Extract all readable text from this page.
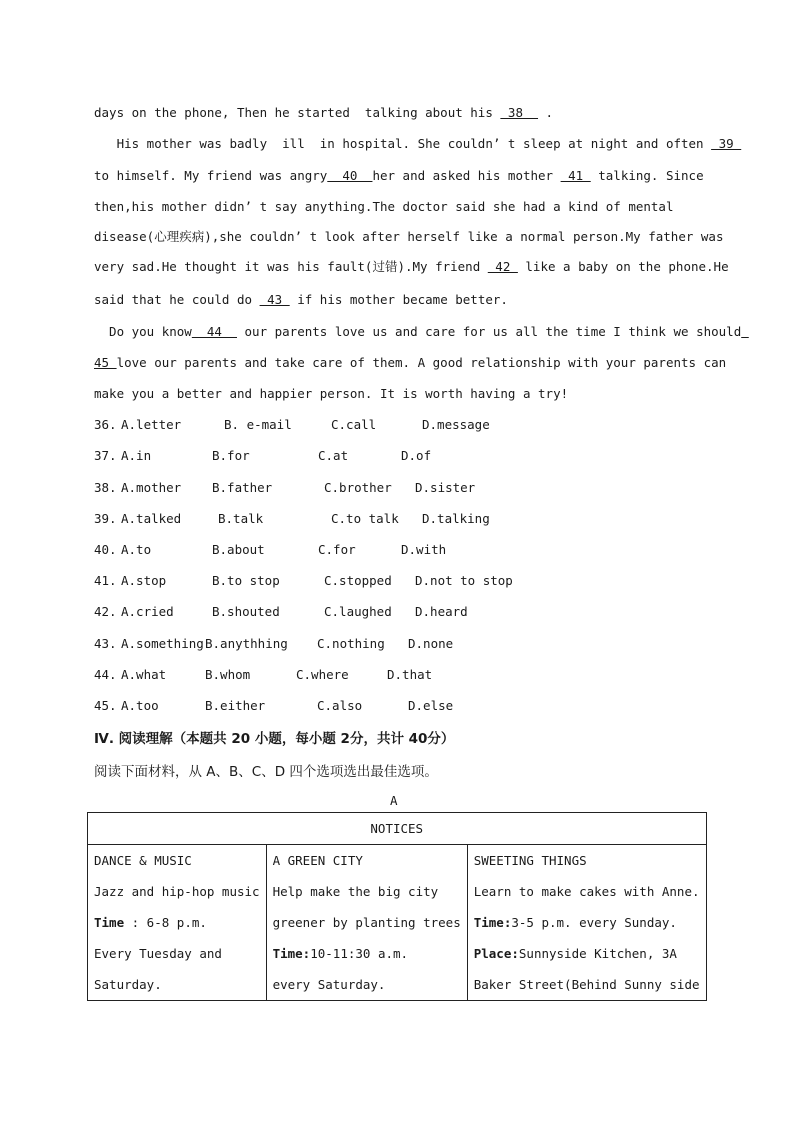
days on the phone, Then he started  talking about his  38   .
His mother was badly  ill  in hospital. She couldn’ t sleep at night and often  39
to himself. My friend was angry  40  her and asked his mother  41  talking. Since
then,his mother didn’ t say anything.The doctor said she had a kind of mental
disease(心理疾病),she couldn’ t look after herself like a normal person.My father was
very sad.He thought it was his fault(过错).My friend  42  like a baby on the phone.He
said that he could do  43  if his mother became better.
Do you know  44   our parents love us and care for us all the time I think we should
45 love our parents and take care of them. A good relationship with your parents can
make you a better and happier person. It is worth having a try!
36. A.letter	B. e-mail	C.call	D.message
37. A.in	B.for	C.at	D.of
38. A.mother B.father	C.brother D.sister
39. A.talked	B.talk	C.to talk D.talking
40. A.to	B.about	C.for	D.with
41. A.stop	B.to stop	C.stopped D.not to stop
42. A.cried	B.shouted	C.laughed D.heard
43. A.something B.anythhing C.nothing D.none
44. A.what	B.whom	C.where	D.that
45. A.too	B.either	C.also	D.else
Ⅳ. 阅读理解（本题共 20 小题，每小题 2分，共计 40分）
阅读下面材料，从 A、B、C、D 四个选项选出最佳选项。
A
NOTICES

DANCE & MUSIC
Jazz and hip-hop music
Time : 6-8 p.m.
Every Tuesday and
Saturday.

A GREEN CITY
Help make the big city
greener by planting trees
Time:10-11:30 a.m.
every Saturday.

SWEETING THINGS
Learn to make cakes with Anne.
Time:3-5 p.m. every Sunday.
Place:Sunnyside Kitchen, 3A
Baker Street(Behind Sunny side
